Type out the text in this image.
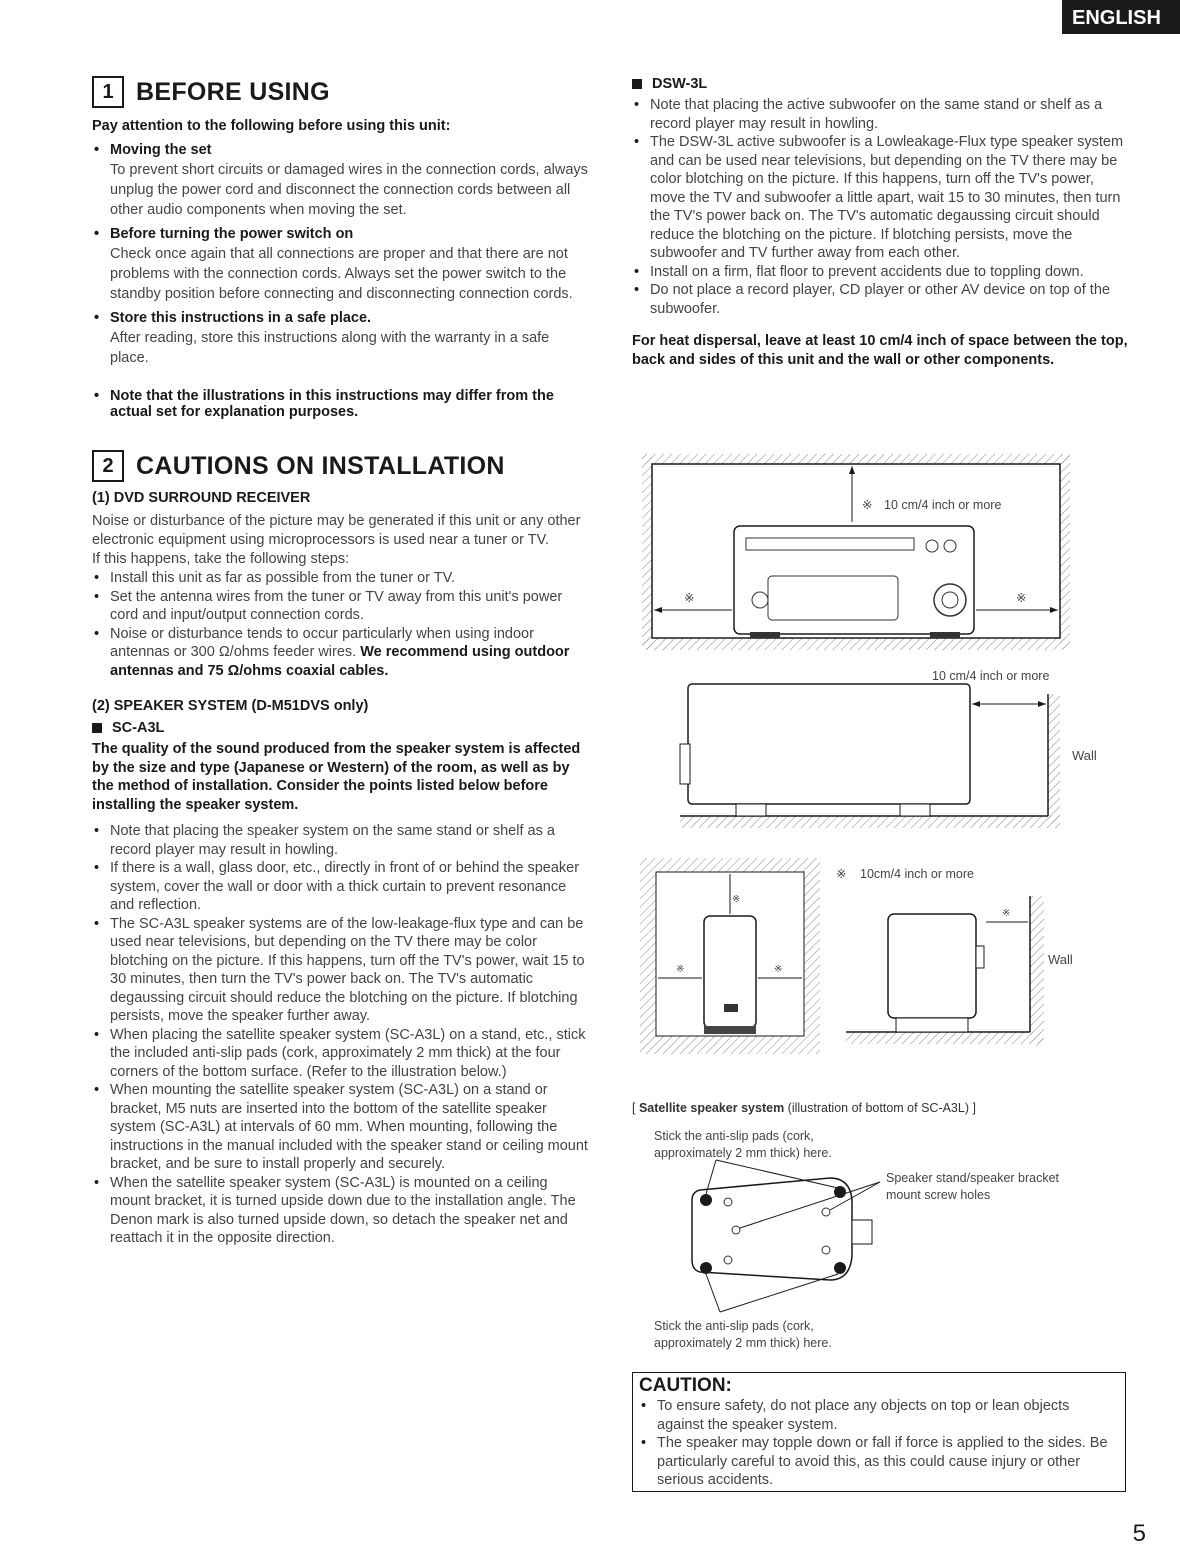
ENGLISH
1 BEFORE USING
Pay attention to the following before using this unit:
• Moving the set
To prevent short circuits or damaged wires in the connection cords, always unplug the power cord and disconnect the connection cords between all other audio components when moving the set.
• Before turning the power switch on
Check once again that all connections are proper and that there are not problems with the connection cords. Always set the power switch to the standby position before connecting and disconnecting connection cords.
• Store this instructions in a safe place.
After reading, store this instructions along with the warranty in a safe place.
• Note that the illustrations in this instructions may differ from the actual set for explanation purposes.
2 CAUTIONS ON INSTALLATION
(1) DVD SURROUND RECEIVER
Noise or disturbance of the picture may be generated if this unit or any other electronic equipment using microprocessors is used near a tuner or TV.
If this happens, take the following steps:
• Install this unit as far as possible from the tuner or TV.
• Set the antenna wires from the tuner or TV away from this unit's power cord and input/output connection cords.
• Noise or disturbance tends to occur particularly when using indoor antennas or 300 Ω/ohms feeder wires. We recommend using outdoor antennas and 75 Ω/ohms coaxial cables.
(2) SPEAKER SYSTEM (D-M51DVS only)
SC-A3L
The quality of the sound produced from the speaker system is affected by the size and type (Japanese or Western) of the room, as well as by the method of installation. Consider the points listed below before installing the speaker system.
• Note that placing the speaker system on the same stand or shelf as a record player may result in howling.
• If there is a wall, glass door, etc., directly in front of or behind the speaker system, cover the wall or door with a thick curtain to prevent resonance and reflection.
• The SC-A3L speaker systems are of the low-leakage-flux type and can be used near televisions, but depending on the TV there may be color blotching on the picture. If this happens, turn off the TV's power, wait 15 to 30 minutes, then turn the TV's power back on. The TV's automatic degaussing circuit should reduce the blotching on the picture. If blotching persists, move the speaker further away.
• When placing the satellite speaker system (SC-A3L) on a stand, etc., stick the included anti-slip pads (cork, approximately 2 mm thick) at the four corners of the bottom surface. (Refer to the illustration below.)
• When mounting the satellite speaker system (SC-A3L) on a stand or bracket, M5 nuts are inserted into the bottom of the satellite speaker system (SC-A3L) at intervals of 60 mm. When mounting, following the instructions in the manual included with the speaker stand or ceiling mount bracket, and be sure to install properly and securely.
• When the satellite speaker system (SC-A3L) is mounted on a ceiling mount bracket, it is turned upside down due to the installation angle. The Denon mark is also turned upside down, so detach the speaker net and reattach it in the opposite direction.
DSW-3L
• Note that placing the active subwoofer on the same stand or shelf as a record player may result in howling.
• The DSW-3L active subwoofer is a Lowleakage-Flux type speaker system and can be used near televisions, but depending on the TV there may be color blotching on the picture. If this happens, turn off the TV's power, move the TV and subwoofer a little apart, wait 15 to 30 minutes, then turn the TV's power back on. The TV's automatic degaussing circuit should reduce the blotching on the picture. If blotching persists, move the subwoofer and TV further away from each other.
• Install on a firm, flat floor to prevent accidents due to toppling down.
• Do not place a record player, CD player or other AV device on top of the subwoofer.
For heat dispersal, leave at least 10 cm/4 inch of space between the top, back and sides of this unit and the wall or other components.
※ 10 cm/4 inch or more
※	※
10 cm/4 inch or more
Wall
※
※	※
※ 10cm/4 inch or more
※
Wall
[ Satellite speaker system (illustration of bottom of SC-A3L) ]
Stick the anti-slip pads (cork, approximately 2 mm thick) here.
Speaker stand/speaker bracket mount screw holes
Stick the anti-slip pads (cork, approximately 2 mm thick) here.
CAUTION:
• To ensure safety, do not place any objects on top or lean objects against the speaker system.
• The speaker may topple down or fall if force is applied to the sides. Be particularly careful to avoid this, as this could cause injury or other serious accidents.
5
